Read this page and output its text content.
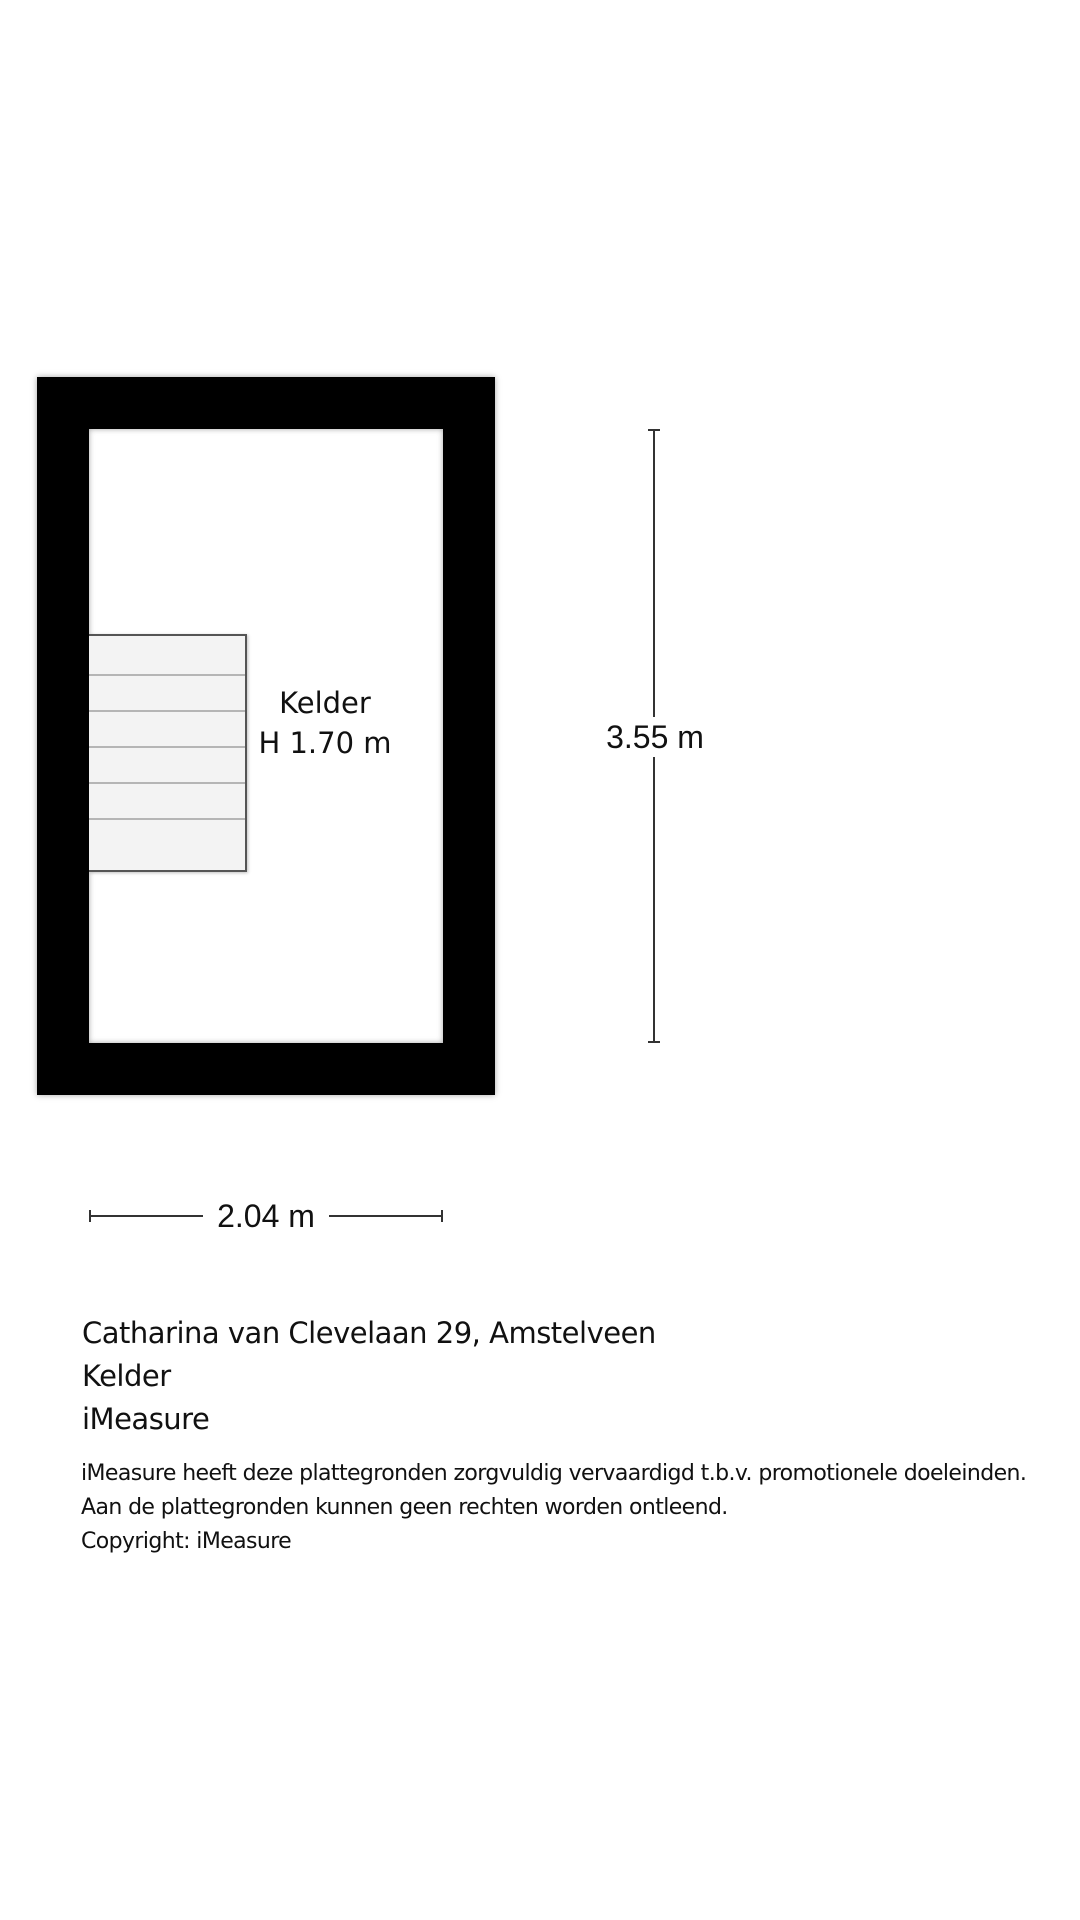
Kelder
H 1.70 m	3.55 m
2.04 m
Catharina van Clevelaan 29, Amstelveen
Kelder
iMeasure
iMeasure heeft deze plattegronden zorgvuldig vervaardigd t.b.v. promotionele doeleinden.
Aan de plattegronden kunnen geen rechten worden ontleend.
Copyright: iMeasure
